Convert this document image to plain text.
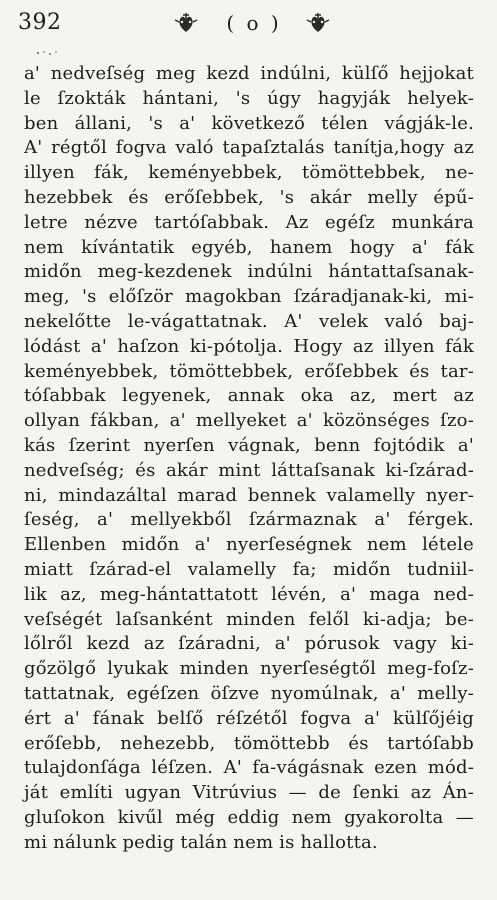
392	( o )
a' nedveſség meg kezd indúlni, külſő hejjokat
le ſzokták hántani, 's úgy hagyják helyek-
ben állani, 's a' következő télen vágják-le.
A' régtől fogva való tapaſztalás tanítja,hogy az
illyen fák, keményebbek, tömöttebbek, ne-
hezebbek és erőſebbek, 's akár melly épű-
letre nézve tartóſabbak. Az egéſz munkára
nem kívántatik egyéb, hanem hogy a' fák
midőn meg-kezdenek indúlni hántattaſsanak-
meg, 's előſzör magokban ſzáradjanak-ki, mi-
nekelőtte le-vágattatnak. A' velek való baj-
lódást a' haſzon ki-pótolja. Hogy az illyen fák
keményebbek, tömöttebbek, erőſebbek és tar-
tóſabbak legyenek, annak oka az, mert az
ollyan fákban, a' mellyeket a' közönséges ſzo-
kás ſzerint nyerſen vágnak, benn fojtódik a'
nedveſség; és akár mint láttaſsanak ki-ſzárad-
ni, mindazáltal marad bennek valamelly nyer-
ſeség, a' mellyekből ſzármaznak a' férgek.
Ellenben midőn a' nyerſeségnek nem létele
miatt ſzárad-el valamelly fa; midőn tudniil-
lik az, meg-hántattatott lévén, a' maga ned-
veſségét laſsanként minden felől ki-adja; be-
lőlről kezd az ſzáradni, a' pórusok vagy ki-
gőzölgő lyukak minden nyerſeségtől meg-foſz-
tattatnak, egéſzen öſzve nyomúlnak, a' melly-
ért a' fának belſő réſzétől fogva a' külſőjéig
erőſebb, nehezebb, tömöttebb és tartóſabb
tulajdonſága léſzen. A' fa-vágásnak ezen mód-
ját említi ugyan Vitrúvius — de ſenki az Án-
gluſokon kivűl még eddig nem gyakorolta —
mi nálunk pedig talán nem is hallotta.
